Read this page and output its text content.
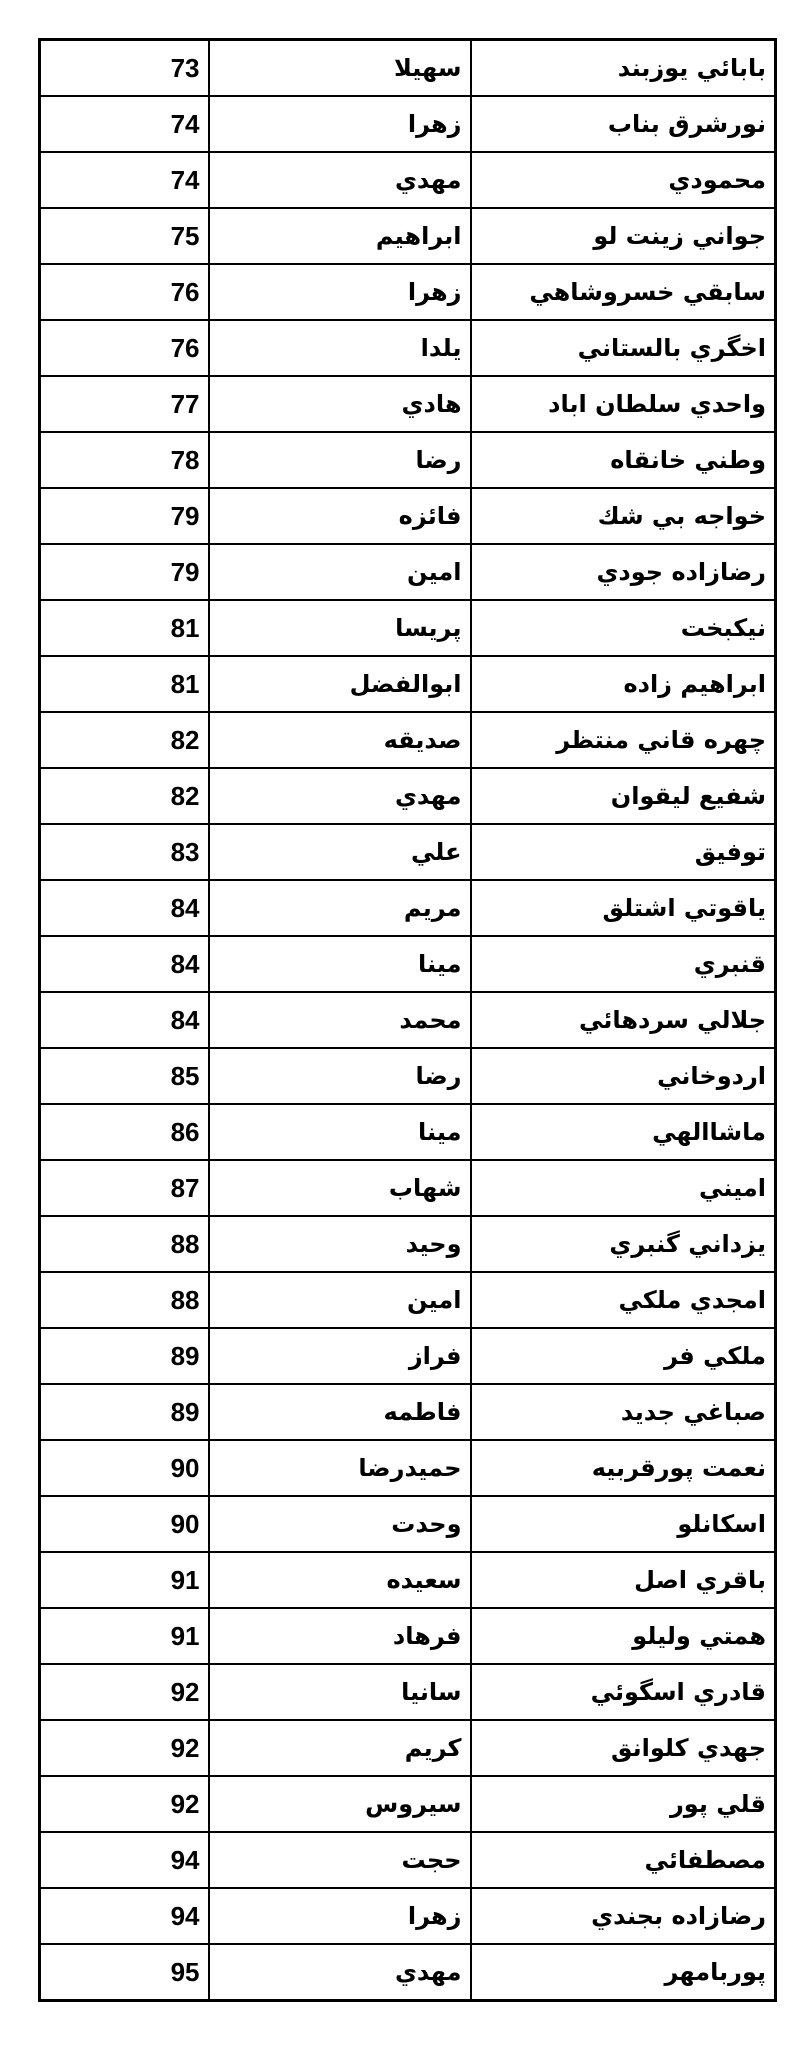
73	سهيلا	بابائي يوزبند
74	زهرا	نورشرق بناب
74	مهدي	محمودي
75	ابراهيم	جواني زينت لو
76	زهرا	سابقي خسروشاهي
76	يلدا	اخگري بالستاني
77	هادي	واحدي سلطان اباد
78	رضا	وطني خانقاه
79	فائزه	خواجه بي شك
79	امين	رضازاده جودي
81	پريسا	نيكبخت
81	ابوالفضل	ابراهيم زاده
82	صديقه	چهره قاني منتظر
82	مهدي	شفيع ليقوان
83	علي	توفيق
84	مريم	ياقوتي اشتلق
84	مينا	قنبري
84	محمد	جلالي سردهائي
85	رضا	اردوخاني
86	مينا	ماشاالهي
87	شهاب	اميني
88	وحيد	يزداني گنبري
88	امين	امجدي ملكي
89	فراز	ملكي فر
89	فاطمه	صباغي جديد
90	حميدرضا	نعمت پورقربيه
90	وحدت	اسكانلو
91	سعيده	باقري اصل
91	فرهاد	همتي وليلو
92	سانيا	قادري اسگوئي
92	كريم	جهدي كلوانق
92	سيروس	قلي پور
94	حجت	مصطفائي
94	زهرا	رضازاده بجندي
95	مهدي	پوربامهر
